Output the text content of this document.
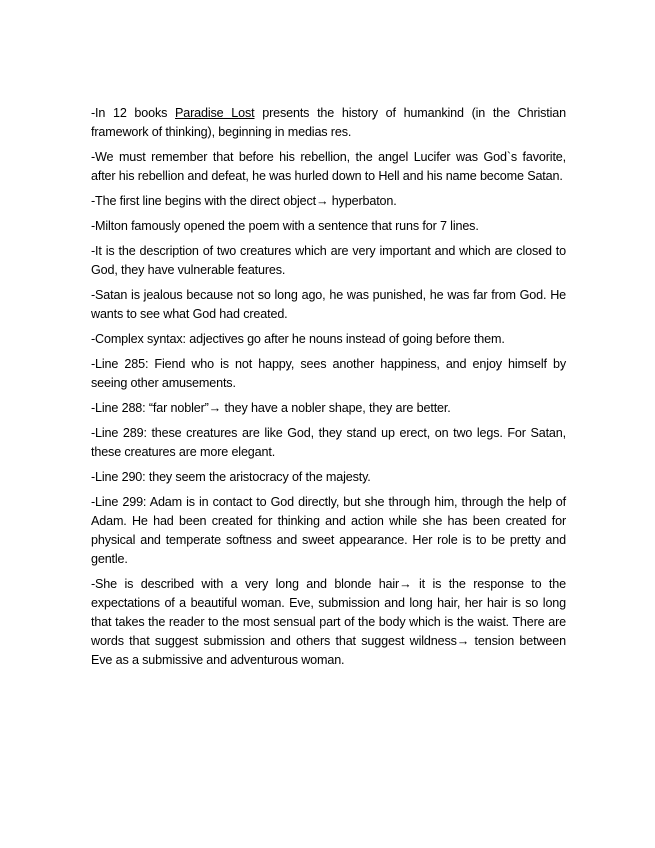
-In 12 books Paradise Lost presents the history of humankind (in the Christian framework of thinking), beginning in medias res.

-We must remember that before his rebellion, the angel Lucifer was God`s favorite, after his rebellion and defeat, he was hurled down to Hell and his name become Satan.

-The first line begins with the direct object→ hyperbaton.

-Milton famously opened the poem with a sentence that runs for 7 lines.

-It is the description of two creatures which are very important and which are closed to God, they have vulnerable features.

-Satan is jealous because not so long ago, he was punished, he was far from God. He wants to see what God had created.

-Complex syntax: adjectives go after he nouns instead of going before them.

-Line 285: Fiend who is not happy, sees another happiness, and enjoy himself by seeing other amusements.

-Line 288: “far nobler”→ they have a nobler shape, they are better.

-Line 289: these creatures are like God, they stand up erect, on two legs. For Satan, these creatures are more elegant.

-Line 290: they seem the aristocracy of the majesty.

-Line 299: Adam is in contact to God directly, but she through him, through the help of Adam. He had been created for thinking and action while she has been created for physical and temperate softness and sweet appearance. Her role is to be pretty and gentle.

-She is described with a very long and blonde hair→ it is the response to the expectations of a beautiful woman. Eve, submission and long hair, her hair is so long that takes the reader to the most sensual part of the body which is the waist. There are words that suggest submission and others that suggest wildness→ tension between Eve as a submissive and adventurous woman.
